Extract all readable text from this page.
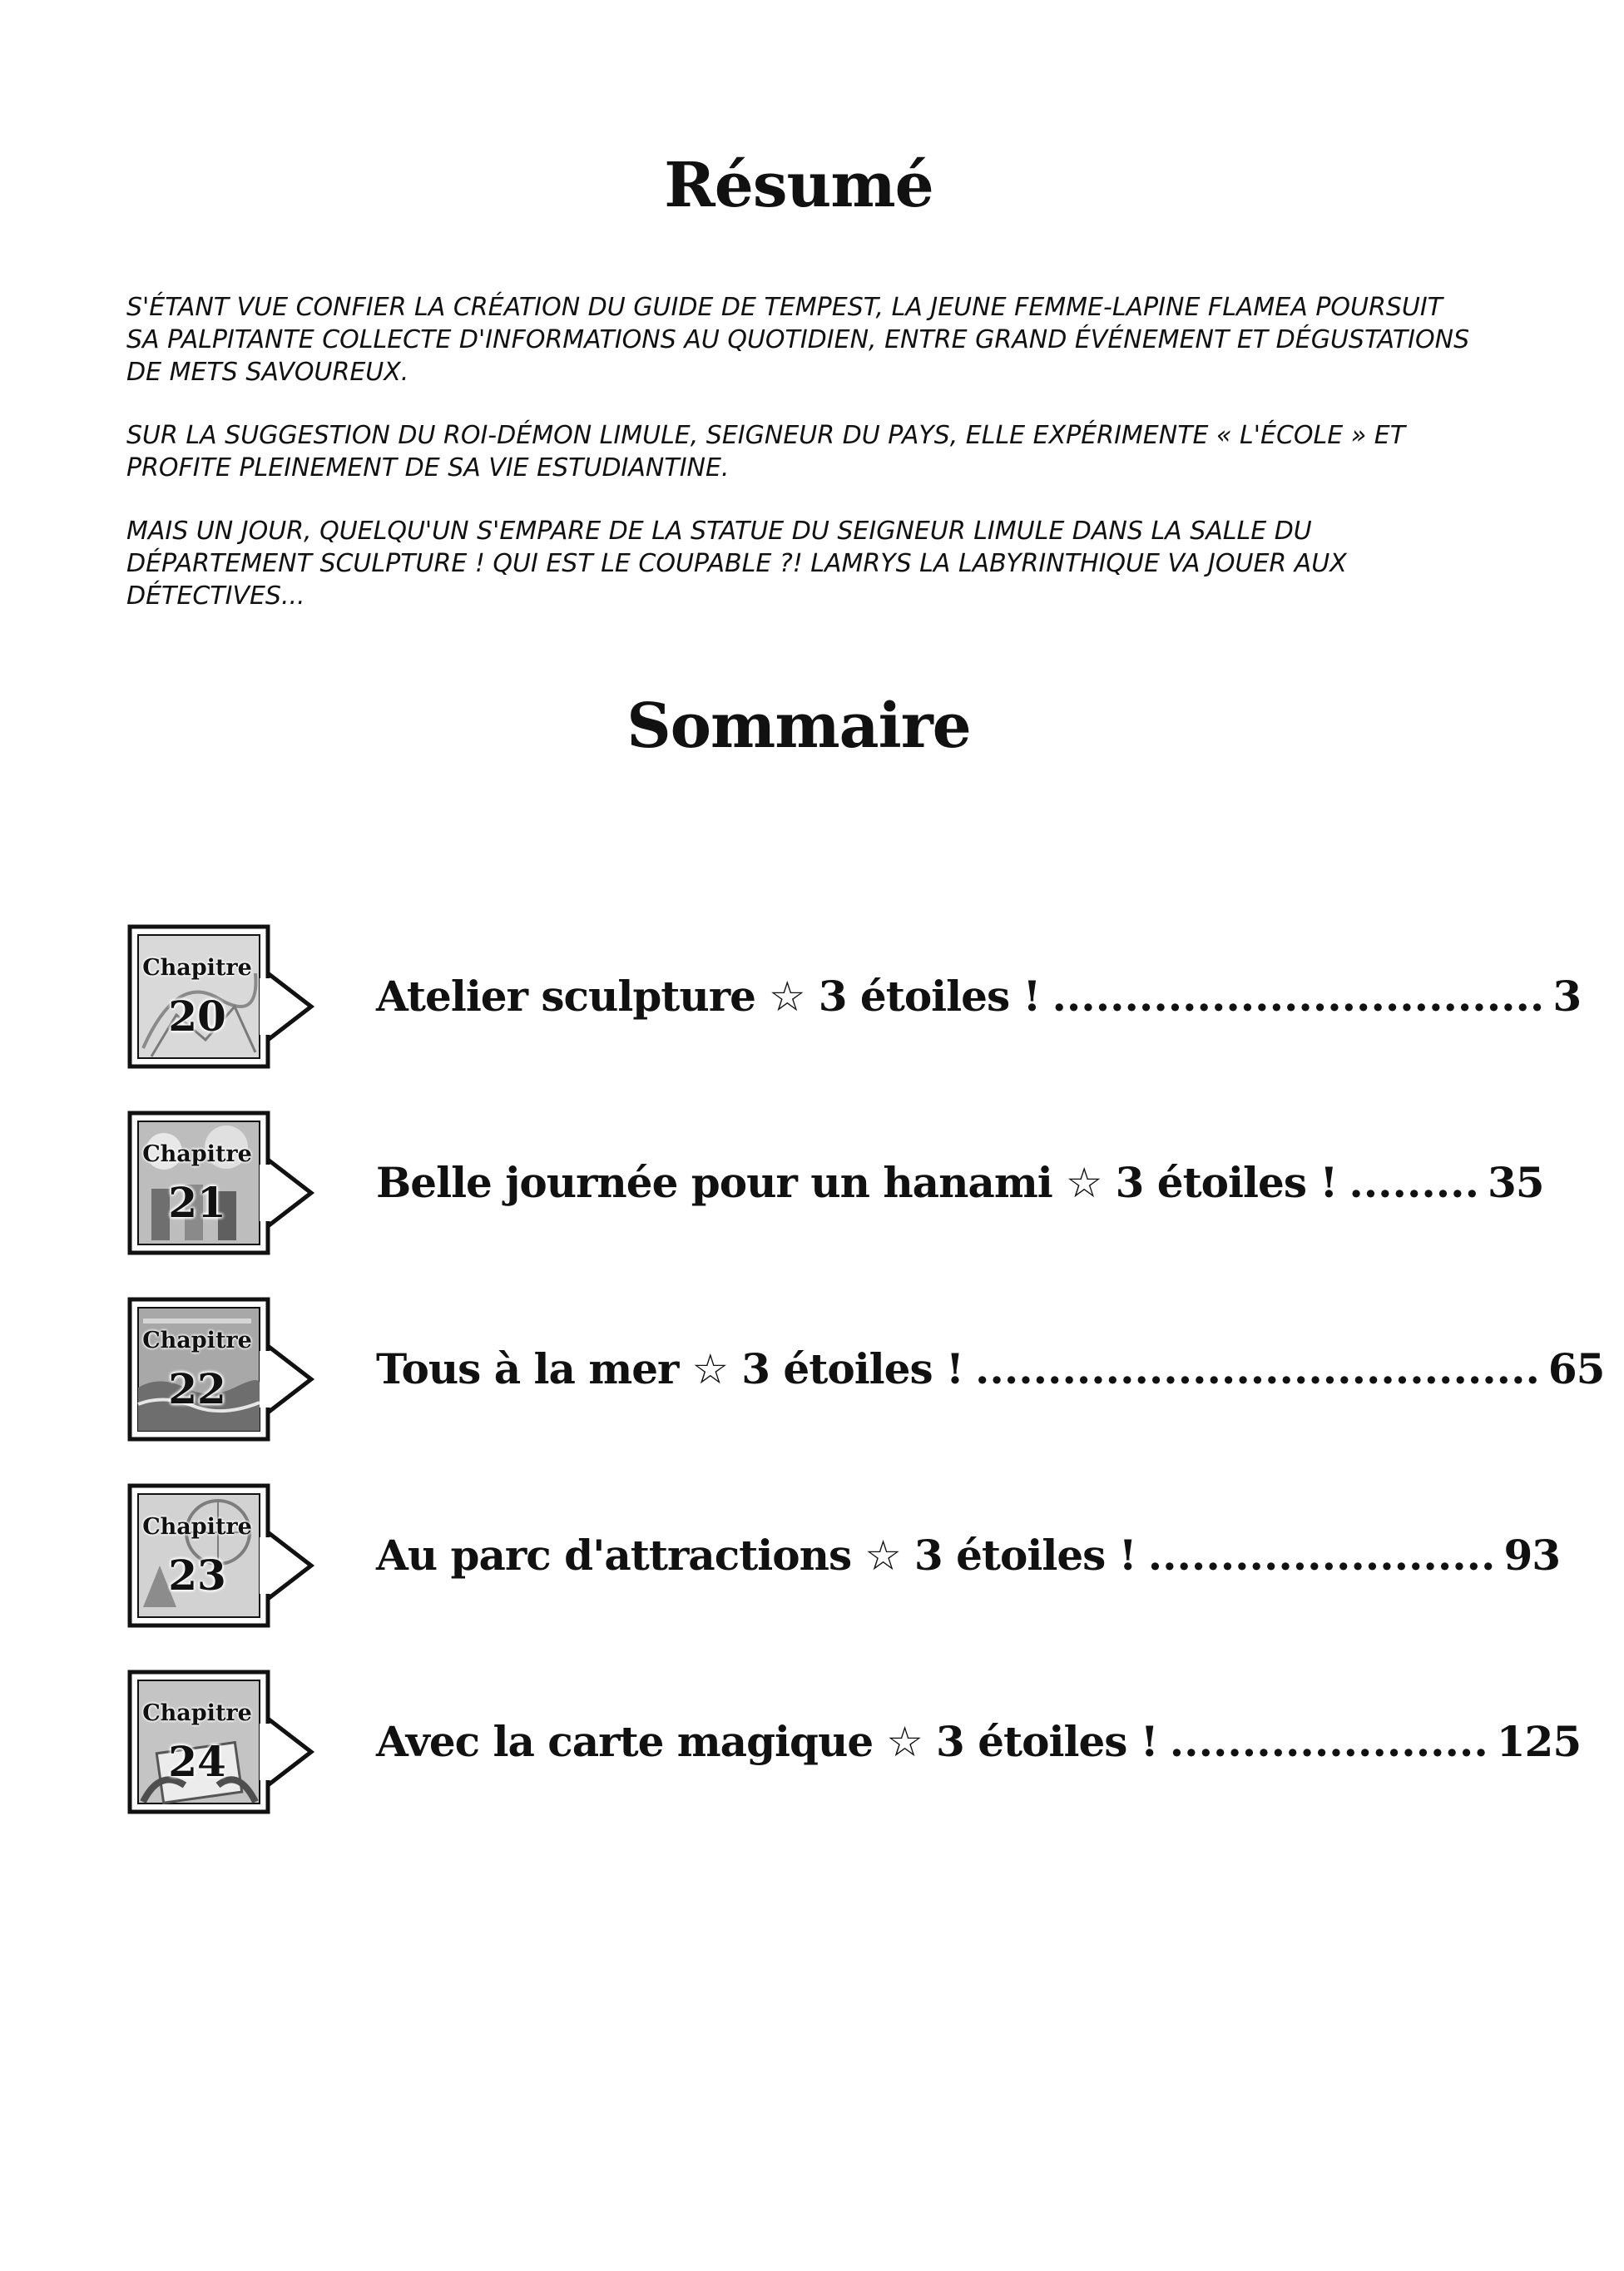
Résumé

S'ÉTANT VUE CONFIER LA CRÉATION DU GUIDE DE TEMPEST, LA JEUNE FEMME-LAPINE FLAMEA POURSUIT SA PALPITANTE COLLECTE D'INFORMATIONS AU QUOTIDIEN, ENTRE GRAND ÉVÉNEMENT ET DÉGUSTATIONS DE METS SAVOUREUX.

SUR LA SUGGESTION DU ROI-DÉMON LIMULE, SEIGNEUR DU PAYS, ELLE EXPÉRIMENTE « L'ÉCOLE » ET PROFITE PLEINEMENT DE SA VIE ESTUDIANTINE.

MAIS UN JOUR, QUELQU'UN S'EMPARE DE LA STATUE DU SEIGNEUR LIMULE DANS LA SALLE DU DÉPARTEMENT SCULPTURE ! QUI EST LE COUPABLE ?! LAMRYS LA LABYRINTHIQUE VA JOUER AUX DÉTECTIVES...

Sommaire
Chapitre
20	Atelier sculpture ☆ 3 étoiles ! .................................. 3
Chapitre
21	Belle journée pour un hanami ☆ 3 étoiles ! ......... 35
Chapitre
22	Tous à la mer ☆ 3 étoiles ! ....................................... 65
Chapitre
23	Au parc d'attractions ☆ 3 étoiles ! ........................ 93
Chapitre
24	Avec la carte magique ☆ 3 étoiles ! ...................... 125
